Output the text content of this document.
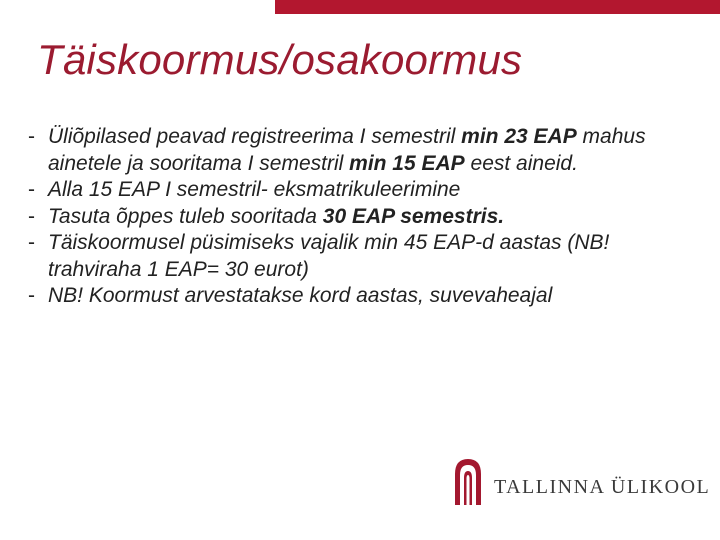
Täiskoormus/osakoormus
- Üliõpilased peavad registreerima I semestril min 23 EAP mahus ainetele ja sooritama I semestril min 15 EAP eest aineid.
- Alla 15 EAP I semestril- eksmatrikuleerimine
- Tasuta õppes tuleb sooritada 30 EAP semestris.
- Täiskoormusel püsimiseks vajalik min 45 EAP-d aastas (NB! trahviraha 1 EAP= 30 eurot)
- NB! Koormust arvestatakse kord aastas, suvevaheajal
TALLINNA ÜLIKOOL
